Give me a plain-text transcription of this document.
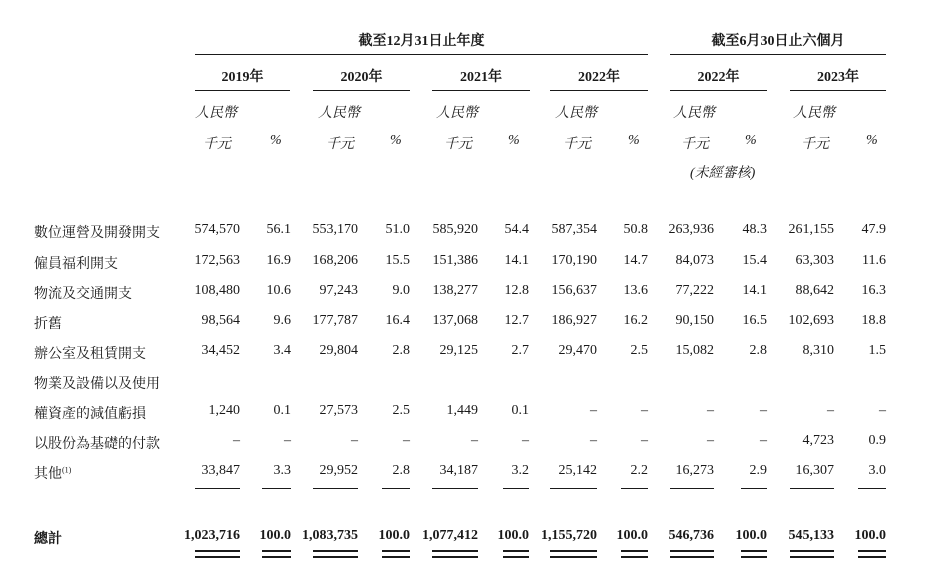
截至12月31日止年度	截至6月30日止六個月
2019年	2020年	2021年	2022年	2022年	2023年
人民幣
千元	%
人民幣
千元	%
人民幣
千元	%
人民幣
千元	%
人民幣
千元	%
人民幣
千元	%
(未經審核)
數位運營及開發開支	574,570	56.1	553,170	51.0	585,920	54.4	587,354	50.8	263,936	48.3	261,155	47.9
僱員福利開支	172,563	16.9	168,206	15.5	151,386	14.1	170,190	14.7	84,073	15.4	63,303	11.6
物流及交通開支	108,480	10.6	97,243	9.0	138,277	12.8	156,637	13.6	77,222	14.1	88,642	16.3
折舊	98,564	9.6	177,787	16.4	137,068	12.7	186,927	16.2	90,150	16.5	102,693	18.8
辦公室及租賃開支	34,452	3.4	29,804	2.8	29,125	2.7	29,470	2.5	15,082	2.8	8,310	1.5
物業及設備以及使用
權資產的減值虧損	1,240	0.1	27,573	2.5	1,449	0.1	–	–	–	–	–	–
以股份為基礎的付款	–	–	–	–	–	–	–	–	–	–	4,723	0.9
其他$^{(1)}$	33,847	3.3	29,952	2.8	34,187	3.2	25,142	2.2	16,273	2.9	16,307	3.0
總計	1,023,716	100.0 1,083,735	100.0 1,077,412	100.0 1,155,720	100.0	546,736	100.0	545,133	100.0
